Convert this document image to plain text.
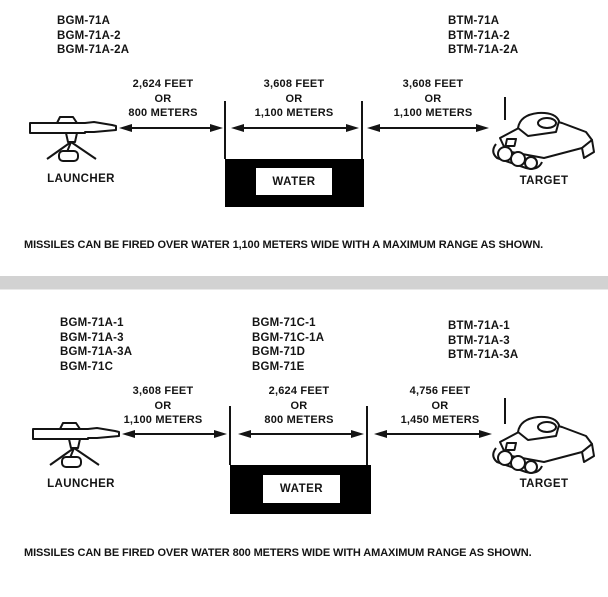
BGM-71A
BGM-71A-2
BGM-71A-2A
BTM-71A
BTM-71A-2
BTM-71A-2A
2,624 FEET
OR
800 METERS
3,608 FEET
OR
1,100 METERS
3,608 FEET
OR
1,100 METERS
LAUNCHER	WATER	TARGET
MISSILES CAN BE FIRED OVER WATER 1,100 METERS WIDE WITH A MAXIMUM RANGE AS SHOWN.
BGM-71A-1
BGM-71A-3
BGM-71A-3A
BGM-71C
BGM-71C-1
BGM-71C-1A
BGM-71D
BGM-71E
BTM-71A-1
BTM-71A-3
BTM-71A-3A
3,608 FEET
OR
1,100 METERS
2,624 FEET
OR
800 METERS
4,756 FEET
OR
1,450 METERS
LAUNCHER	WATER	TARGET
MISSILES CAN BE FIRED OVER WATER 800 METERS WIDE WITH AMAXIMUM RANGE AS SHOWN.
